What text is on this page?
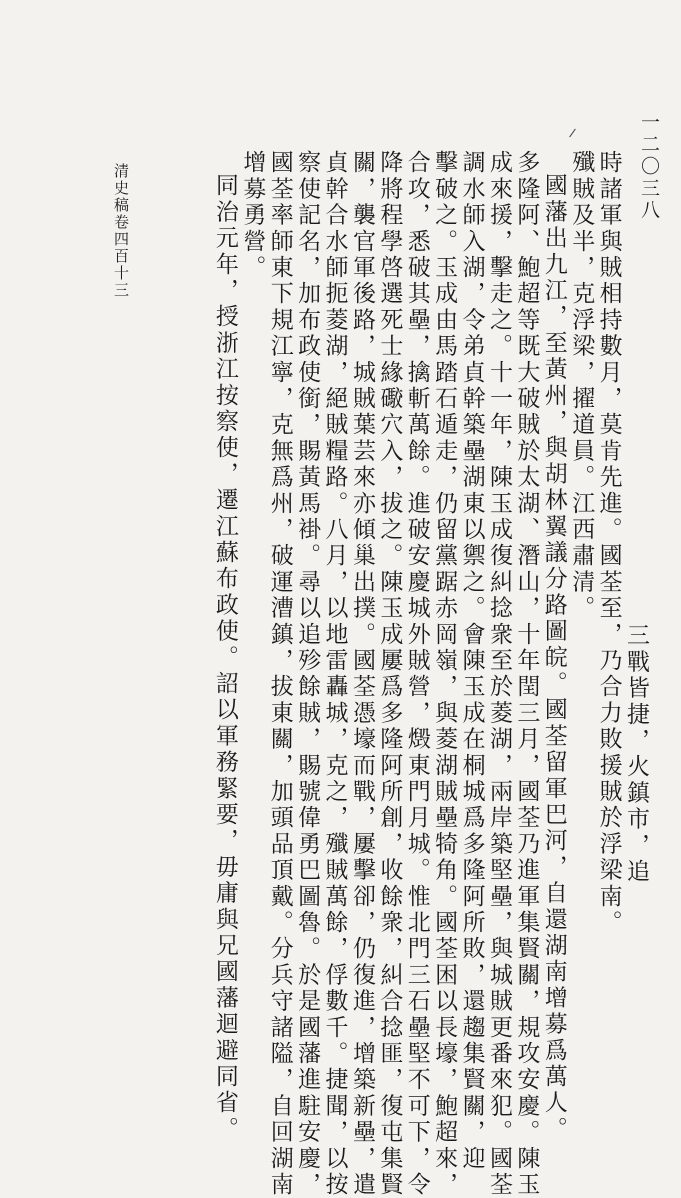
一二〇三八
清史稿卷四百十三
三戰皆捷，火鎮市，追
時諸軍與賊相持數月，莫肯先進。國荃至，乃合力敗援賊於浮梁南。
殲賊及半，克浮梁，擢道員。江西肅清。
國藩出九江，至黃州，與胡林翼議分路圖皖。國荃留軍巴河，自還湖南增募爲萬人。
多隆阿、鮑超等既大破賊於太湖、潛山，十年閏三月，國荃乃進軍集賢關，規攻安慶。陳玉
成來援，擊走之。十一年，陳玉成復糾捻衆至於菱湖，兩岸築堅壘，與城賊更番來犯。國荃
調水師入湖，令弟貞幹築壘湖東以禦之。會陳玉成在桐城爲多隆阿所敗，還趨集賢關，迎
擊破之。玉成由馬踏石遁走，仍留黨踞赤岡嶺，與菱湖賊壘犄角。國荃困以長壕，鮑超來，
合攻，悉破其壘，擒斬萬餘。進破安慶城外賊營，燬東門月城。惟北門三石壘堅不可下，令
降將程學啓選死士緣礮穴入，拔之。陳玉成屢爲多隆阿所創，收餘衆，糾合捻匪，復屯集賢
關，襲官軍後路，城賊葉芸來亦傾巢出撲。國荃憑壕而戰，屢擊卻，仍復進，增築新壘，遣
貞幹合水師扼菱湖，絕賊糧路。八月，以地雷轟城，克之，殲賊萬餘，俘數千。捷聞，以按
察使記名，加布政使銜，賜黃馬褂。尋以追殄餘賊，賜號偉勇巴圖魯。於是國藩進駐安慶，
國荃率師東下規江寧，克無爲州，破運漕鎮，拔東關，加頭品頂戴。分兵守諸隘，自回湖南
增募勇營。
同治元年，授浙江按察使，遷江蘇布政使。詔以軍務緊要，毋庸與兄國藩迴避同省。
